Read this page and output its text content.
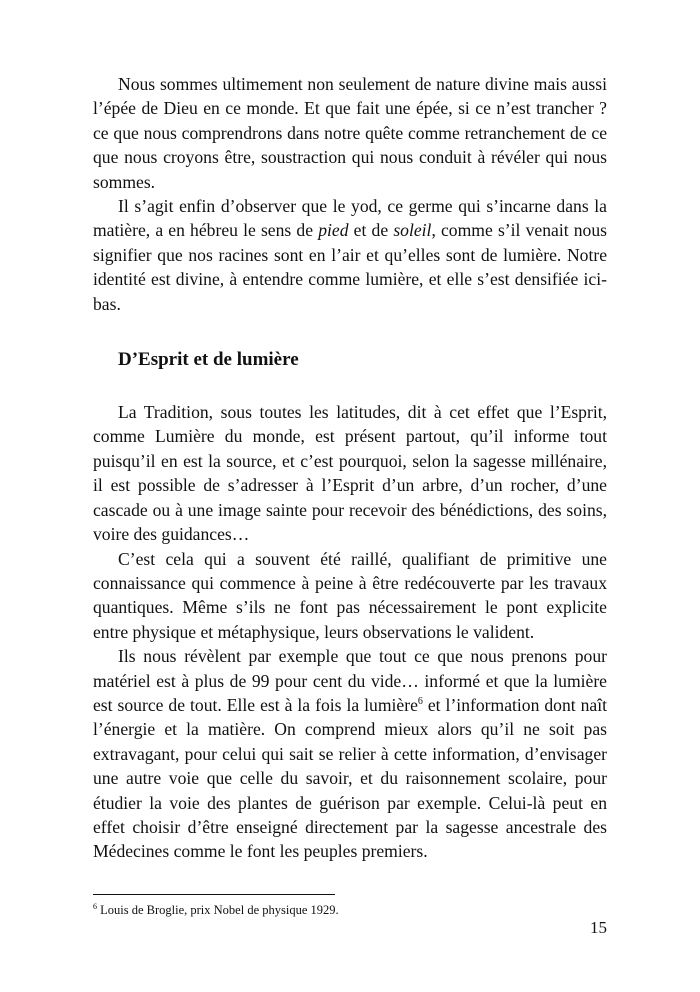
Nous sommes ultimement non seulement de nature divine mais aussi l’épée de Dieu en ce monde. Et que fait une épée, si ce n’est trancher ? ce que nous comprendrons dans notre quête comme retranchement de ce que nous croyons être, soustraction qui nous conduit à révéler qui nous sommes.

Il s’agit enfin d’observer que le yod, ce germe qui s’incarne dans la matière, a en hébreu le sens de pied et de soleil, comme s’il venait nous signifier que nos racines sont en l’air et qu’elles sont de lumière. Notre identité est divine, à entendre comme lumière, et elle s’est densifiée ici-bas.

D’Esprit et de lumière

La Tradition, sous toutes les latitudes, dit à cet effet que l’Esprit, comme Lumière du monde, est présent partout, qu’il informe tout puisqu’il en est la source, et c’est pourquoi, selon la sagesse millénaire, il est possible de s’adresser à l’Esprit d’un arbre, d’un rocher, d’une cascade ou à une image sainte pour recevoir des bénédictions, des soins, voire des guidances…

C’est cela qui a souvent été raillé, qualifiant de primitive une connaissance qui commence à peine à être redécouverte par les travaux quantiques. Même s’ils ne font pas nécessairement le pont explicite entre physique et métaphysique, leurs observations le valident.

Ils nous révèlent par exemple que tout ce que nous prenons pour matériel est à plus de 99 pour cent du vide… informé et que la lumière est source de tout. Elle est à la fois la lumière$^6$ et l’information dont naît l’énergie et la matière. On comprend mieux alors qu’il ne soit pas extravagant, pour celui qui sait se relier à cette information, d’envisager une autre voie que celle du savoir, et du raisonnement scolaire, pour étudier la voie des plantes de guérison par exemple. Celui-là peut en effet choisir d’être enseigné directement par la sagesse ancestrale des Médecines comme le font les peuples premiers.

$^6$ Louis de Broglie, prix Nobel de physique 1929.
15
